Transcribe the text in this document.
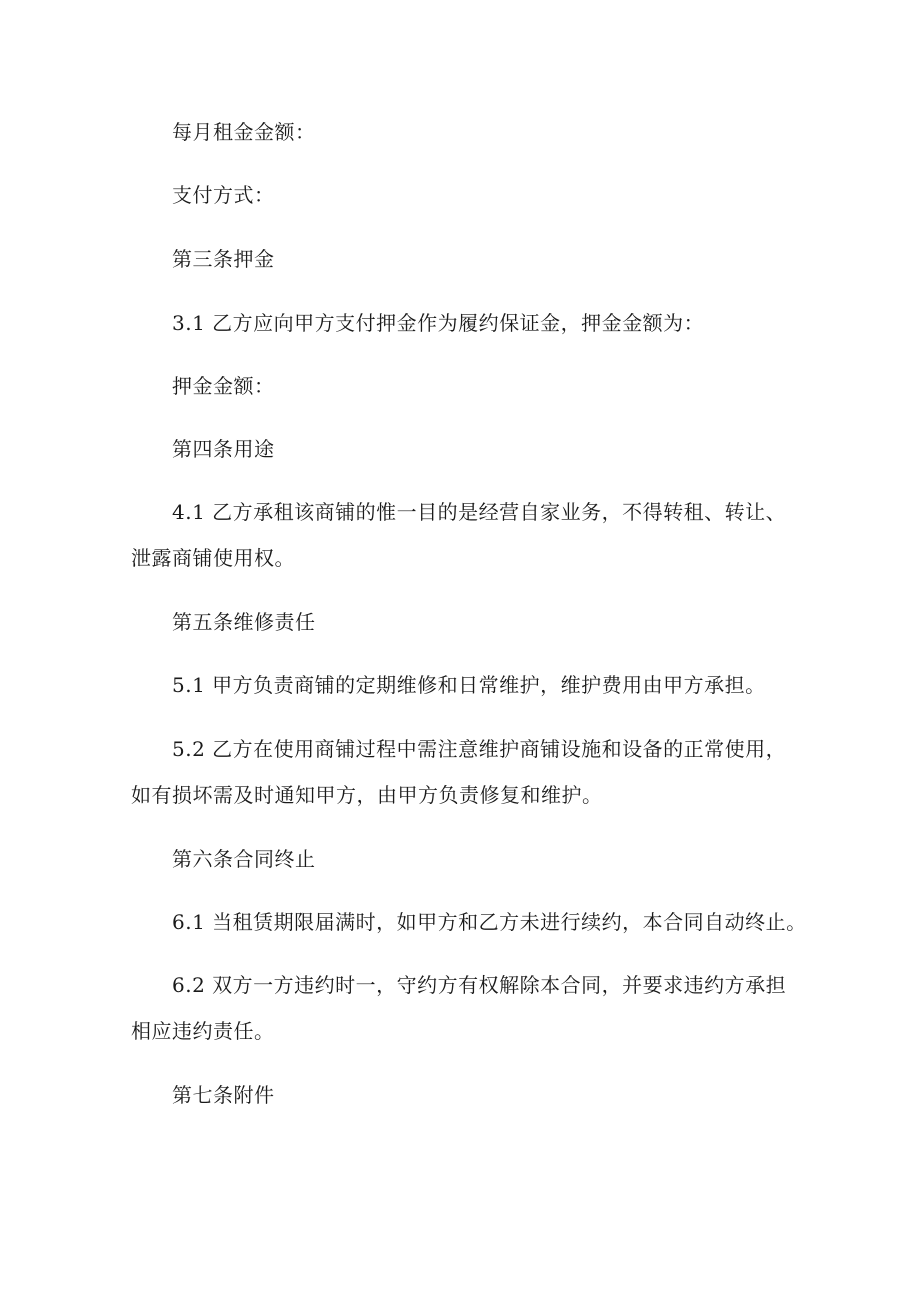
每月租金金额：
支付方式：
第三条押金
3.1 乙方应向甲方支付押金作为履约保证金，押金金额为：
押金金额：
第四条用途
4.1 乙方承租该商铺的惟一目的是经营自家业务，不得转租、转让、
泄露商铺使用权。
第五条维修责任
5.1 甲方负责商铺的定期维修和日常维护，维护费用由甲方承担。
5.2 乙方在使用商铺过程中需注意维护商铺设施和设备的正常使用，
如有损坏需及时通知甲方，由甲方负责修复和维护。
第六条合同终止
6.1 当租赁期限届满时，如甲方和乙方未进行续约，本合同自动终止。
6.2 双方一方违约时一，守约方有权解除本合同，并要求违约方承担
相应违约责任。
第七条附件
